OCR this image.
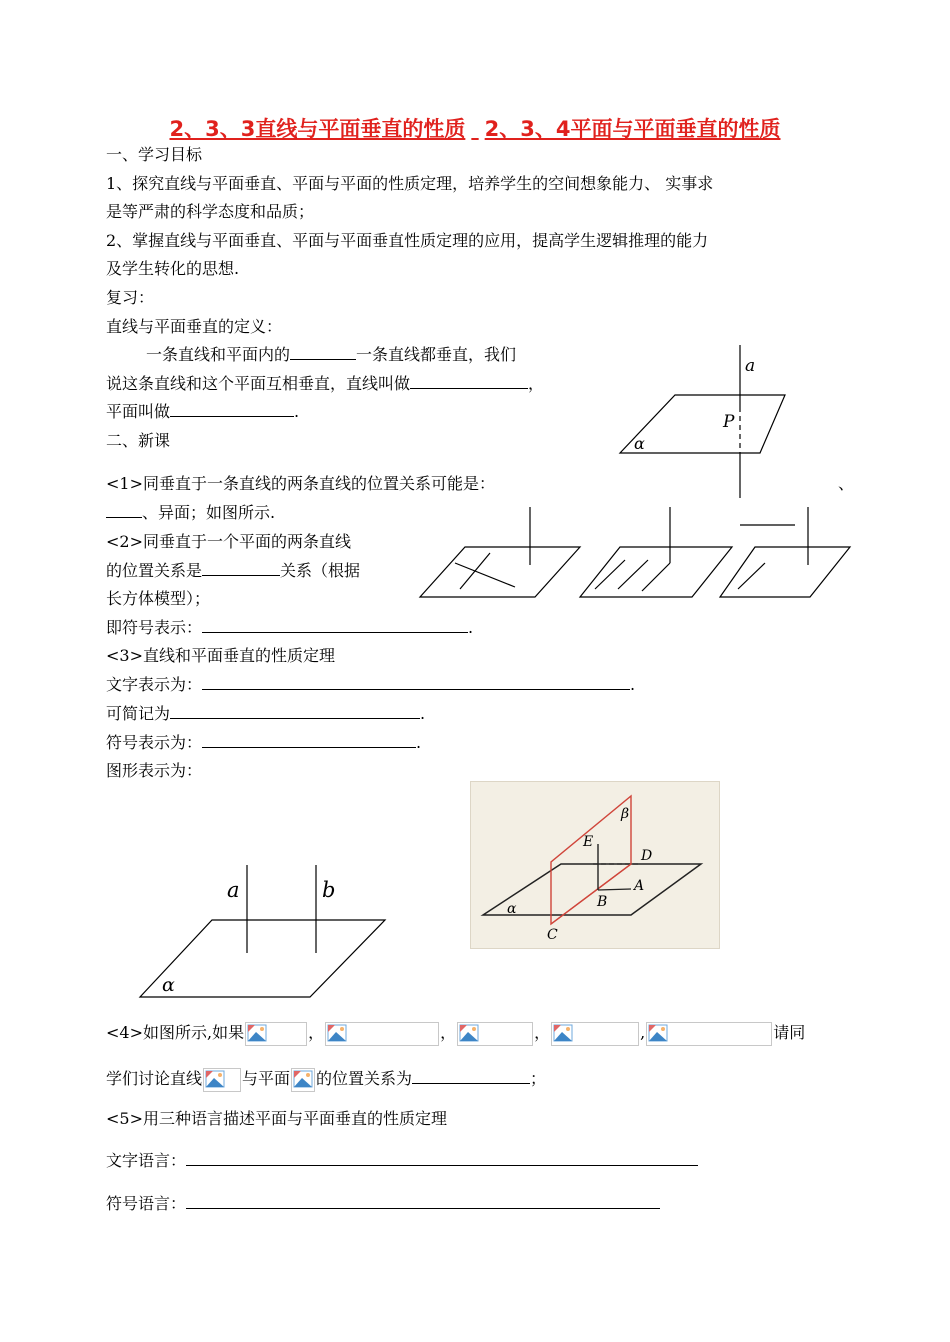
2、3、3直线与平面垂直的性质 2、3、4平面与平面垂直的性质
一、学习目标
1、探究直线与平面垂直、平面与平面的性质定理，培养学生的空间想象能力、 实事求
是等严肃的科学态度和品质；
2、掌握直线与平面垂直、平面与平面垂直性质定理的应用，提高学生逻辑推理的能力
及学生转化的思想.
复习：
直线与平面垂直的定义：
一条直线和平面内的	一条直线都垂直，我们
说这条直线和这个平面互相垂直，直线叫做	，
平面叫做	.
二、新课
<1>同垂直于一条直线的两条直线的位置关系可能是：	、
、异面；如图所示.
<2>同垂直于一个平面的两条直线
的位置关系是	关系（根据
长方体模型）；
即符号表示：	.
<3>直线和平面垂直的性质定理
文字表示为：	.
可简记为	.
符号表示为：	.
图形表示为：
a
P
α
a	b
α
β
E
D
A
B
C
α
<4>如图所示,如果	，	，	，	,	请同
学们讨论直线	与平面 的位置关系为	；
<5>用三种语言描述平面与平面垂直的性质定理
文字语言：
符号语言：
